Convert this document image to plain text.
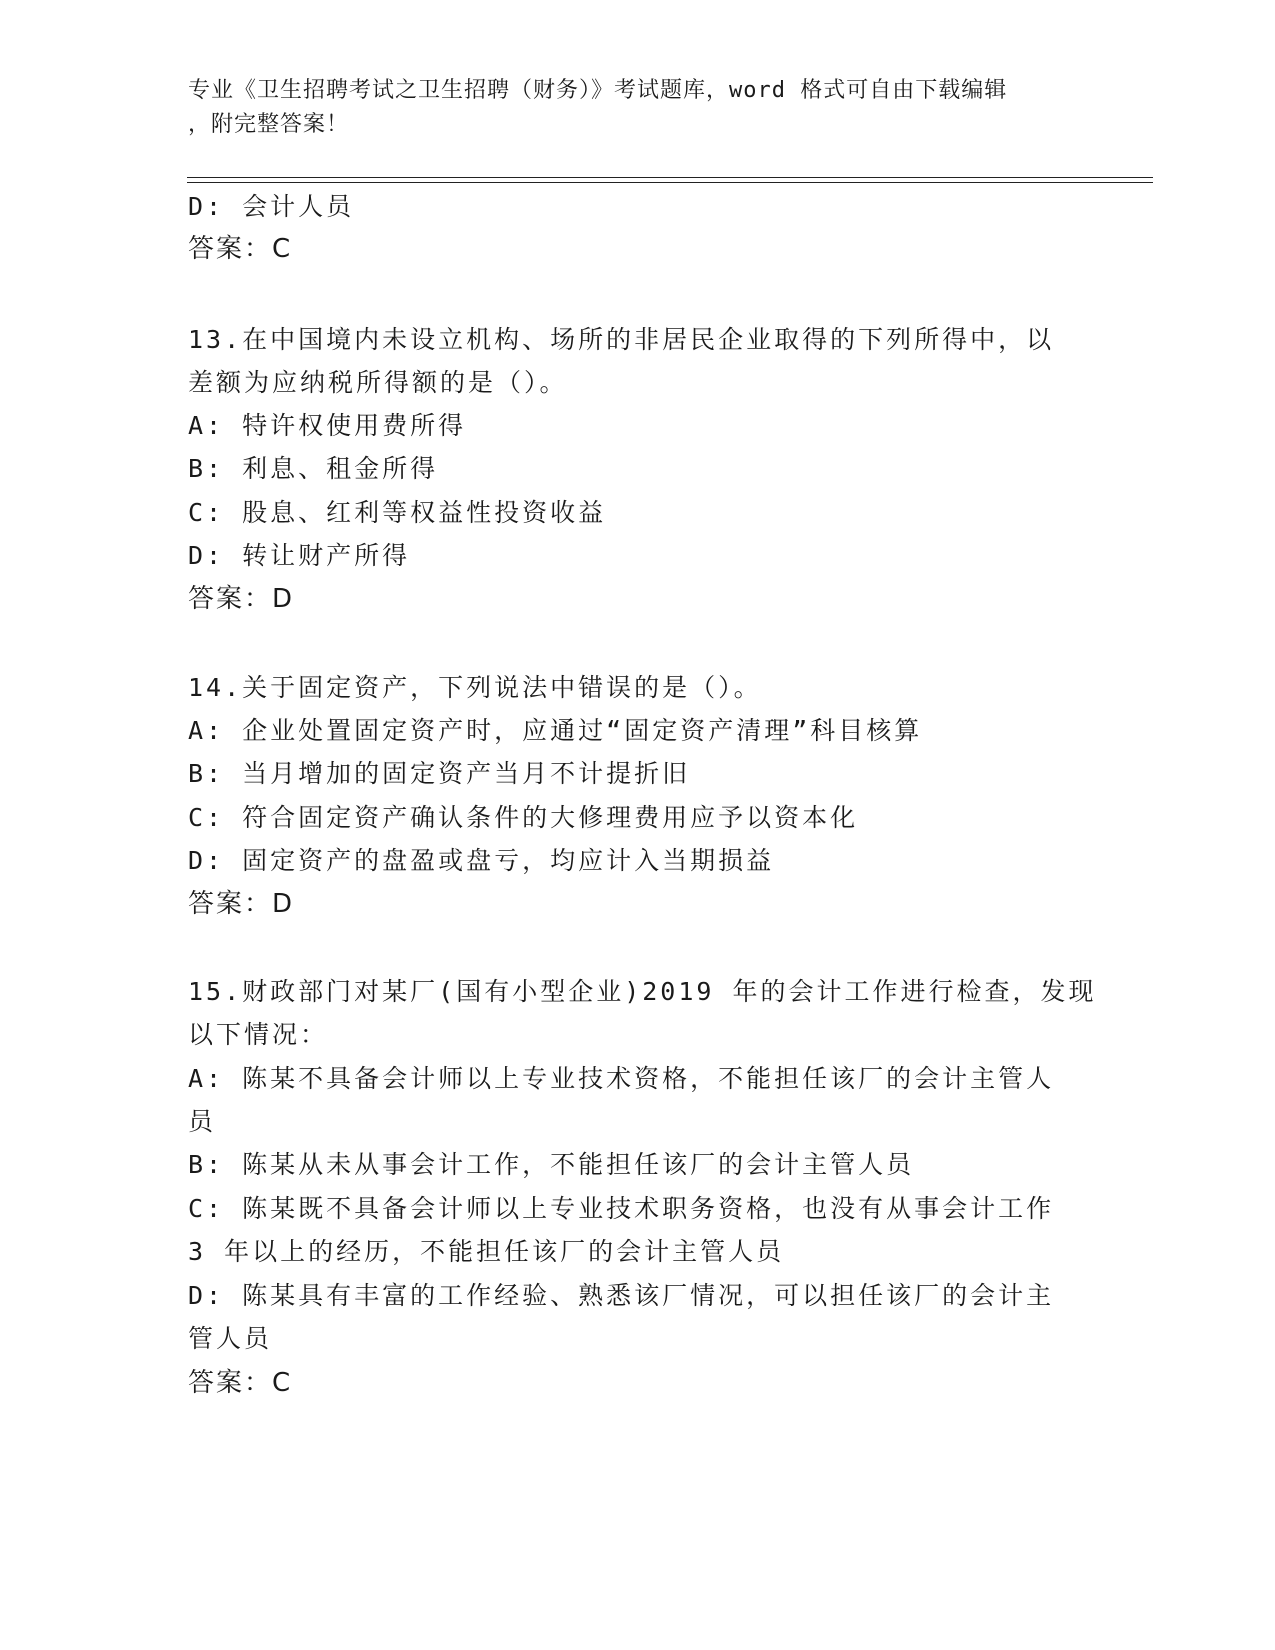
专业《卫生招聘考试之卫生招聘（财务）》考试题库，word 格式可自由下载编辑
，附完整答案！
D: 会计人员
答案：C
13.在中国境内未设立机构、场所的非居民企业取得的下列所得中，以
差额为应纳税所得额的是（）。
A: 特许权使用费所得
B: 利息、租金所得
C: 股息、红利等权益性投资收益
D: 转让财产所得
答案：D
14.关于固定资产，下列说法中错误的是（）。
A: 企业处置固定资产时，应通过“固定资产清理”科目核算
B: 当月增加的固定资产当月不计提折旧
C: 符合固定资产确认条件的大修理费用应予以资本化
D: 固定资产的盘盈或盘亏，均应计入当期损益
答案：D
15.财政部门对某厂(国有小型企业)2019 年的会计工作进行检查，发现
以下情况：
A: 陈某不具备会计师以上专业技术资格，不能担任该厂的会计主管人
员
B: 陈某从未从事会计工作，不能担任该厂的会计主管人员
C: 陈某既不具备会计师以上专业技术职务资格，也没有从事会计工作
3 年以上的经历，不能担任该厂的会计主管人员
D: 陈某具有丰富的工作经验、熟悉该厂情况，可以担任该厂的会计主
管人员
答案：C
